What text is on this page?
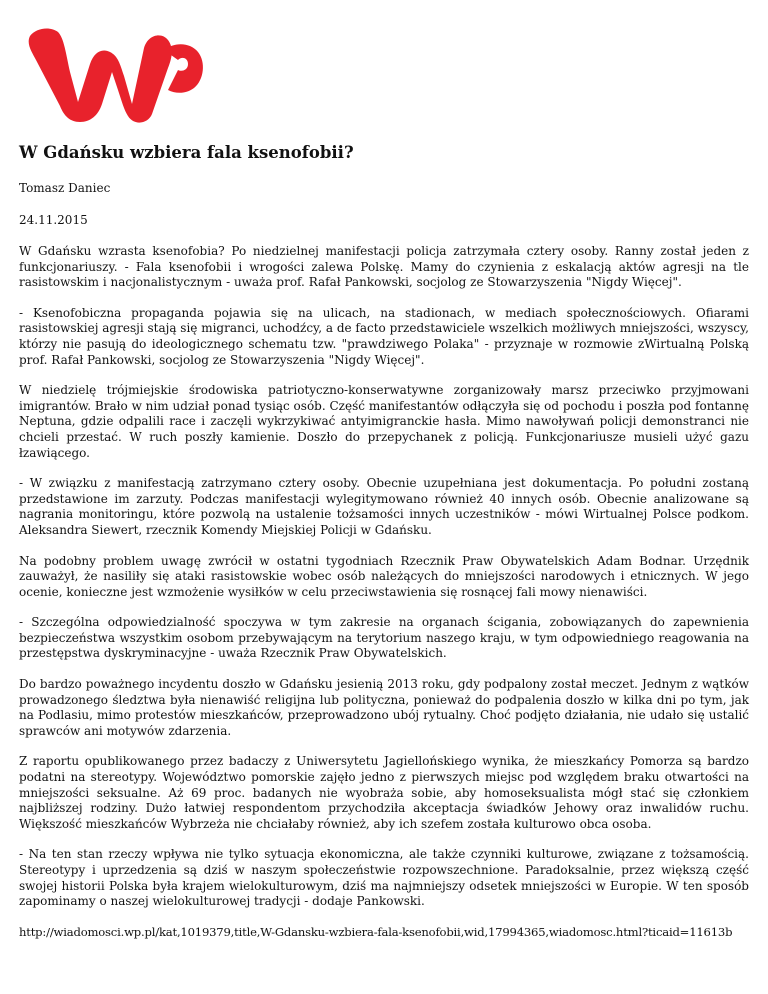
W Gdańsku wzbiera fala ksenofobii?
Tomasz Daniec
24.11.2015

W Gdańsku wzrasta ksenofobia? Po niedzielnej manifestacji policja zatrzymała cztery osoby. Ranny został jeden z funkcjonariuszy. - Fala ksenofobii i wrogości zalewa Polskę. Mamy do czynienia z eskalacją aktów agresji na tle rasistowskim i nacjonalistycznym - uważa prof. Rafał Pankowski, socjolog ze Stowarzyszenia "Nigdy Więcej".

- Ksenofobiczna propaganda pojawia się na ulicach, na stadionach, w mediach społecznościowych. Ofiarami rasistowskiej agresji stają się migranci, uchodźcy, a de facto przedstawiciele wszelkich możliwych mniejszości, wszyscy, którzy nie pasują do ideologicznego schematu tzw. "prawdziwego Polaka" - przyznaje w rozmowie zWirtualną Polską prof. Rafał Pankowski, socjolog ze Stowarzyszenia "Nigdy Więcej".

W niedzielę trójmiejskie środowiska patriotyczno-konserwatywne zorganizowały marsz przeciwko przyjmowani imigrantów. Brało w nim udział ponad tysiąc osób. Część manifestantów odłączyła się od pochodu i poszła pod fontannę Neptuna, gdzie odpalili race i zaczęli wykrzykiwać antyimigranckie hasła. Mimo nawoływań policji demonstranci nie chcieli przestać. W ruch poszły kamienie. Doszło do przepychanek z policją. Funkcjonariusze musieli użyć gazu łzawiącego.

- W związku z manifestacją zatrzymano cztery osoby. Obecnie uzupełniana jest dokumentacja. Po południ zostaną przedstawione im zarzuty. Podczas manifestacji wylegitymowano również 40 innych osób. Obecnie analizowane są nagrania monitoringu, które pozwolą na ustalenie tożsamości innych uczestników - mówi Wirtualnej Polsce podkom. Aleksandra Siewert, rzecznik Komendy Miejskiej Policji w Gdańsku.

Na podobny problem uwagę zwrócił w ostatni tygodniach Rzecznik Praw Obywatelskich Adam Bodnar. Urzędnik zauważył, że nasiliły się ataki rasistowskie wobec osób należących do mniejszości narodowych i etnicznych. W jego ocenie, konieczne jest wzmożenie wysiłków w celu przeciwstawienia się rosnącej fali mowy nienawiści.

- Szczególna odpowiedzialność spoczywa w tym zakresie na organach ścigania, zobowiązanych do zapewnienia bezpieczeństwa wszystkim osobom przebywającym na terytorium naszego kraju, w tym odpowiedniego reagowania na przestępstwa dyskryminacyjne - uważa Rzecznik Praw Obywatelskich.

Do bardzo poważnego incydentu doszło w Gdańsku jesienią 2013 roku, gdy podpalony został meczet. Jednym z wątków prowadzonego śledztwa była nienawiść religijna lub polityczna, ponieważ do podpalenia doszło w kilka dni po tym, jak na Podlasiu, mimo protestów mieszkańców, przeprowadzono ubój rytualny. Choć podjęto działania, nie udało się ustalić sprawców ani motywów zdarzenia.

Z raportu opublikowanego przez badaczy z Uniwersytetu Jagiellońskiego wynika, że mieszkańcy Pomorza są bardzo podatni na stereotypy. Województwo pomorskie zajęło jedno z pierwszych miejsc pod względem braku otwartości na mniejszości seksualne. Aż 69 proc. badanych nie wyobraża sobie, aby homoseksualista mógł stać się członkiem najbliższej rodziny. Dużo łatwiej respondentom przychodziła akceptacja świadków Jehowy oraz inwalidów ruchu. Większość mieszkańców Wybrzeża nie chciałaby również, aby ich szefem została kulturowo obca osoba.

- Na ten stan rzeczy wpływa nie tylko sytuacja ekonomiczna, ale także czynniki kulturowe, związane z tożsamością. Stereotypy i uprzedzenia są dziś w naszym społeczeństwie rozpowszechnione. Paradoksalnie, przez większą część swojej historii Polska była krajem wielokulturowym, dziś ma najmniejszy odsetek mniejszości w Europie. W ten sposób zapominamy o naszej wielokulturowej tradycji - dodaje Pankowski.

http://wiadomosci.wp.pl/kat,1019379,title,W-Gdansku-wzbiera-fala-ksenofobii,wid,17994365,wiadomosc.html?ticaid=11613b
